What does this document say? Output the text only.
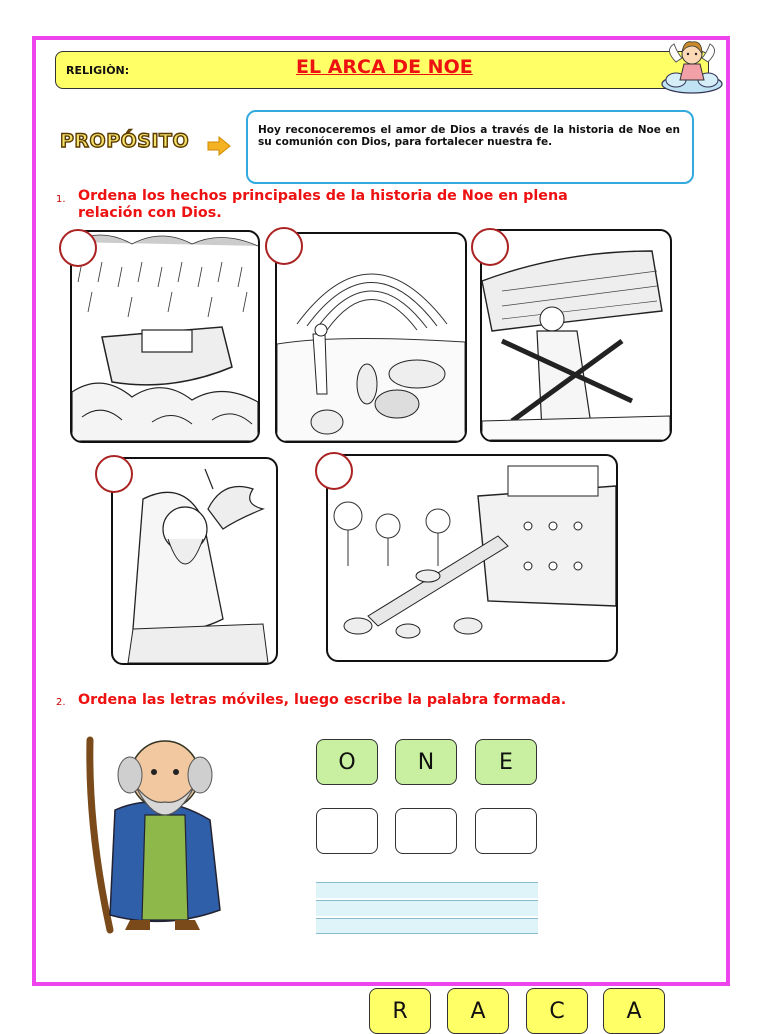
RELIGIÒN:	EL ARCA DE NOE
PROPÓSITO	Hoy reconoceremos el amor de Dios a través de la historia de Noe en su comunión con Dios, para fortalecer nuestra fe.
1. Ordena los hechos principales de la historia de Noe en plena
relación con Dios.
2. Ordena las letras móviles, luego escribe la palabra formada.
O	N	E
R	A	C	A
